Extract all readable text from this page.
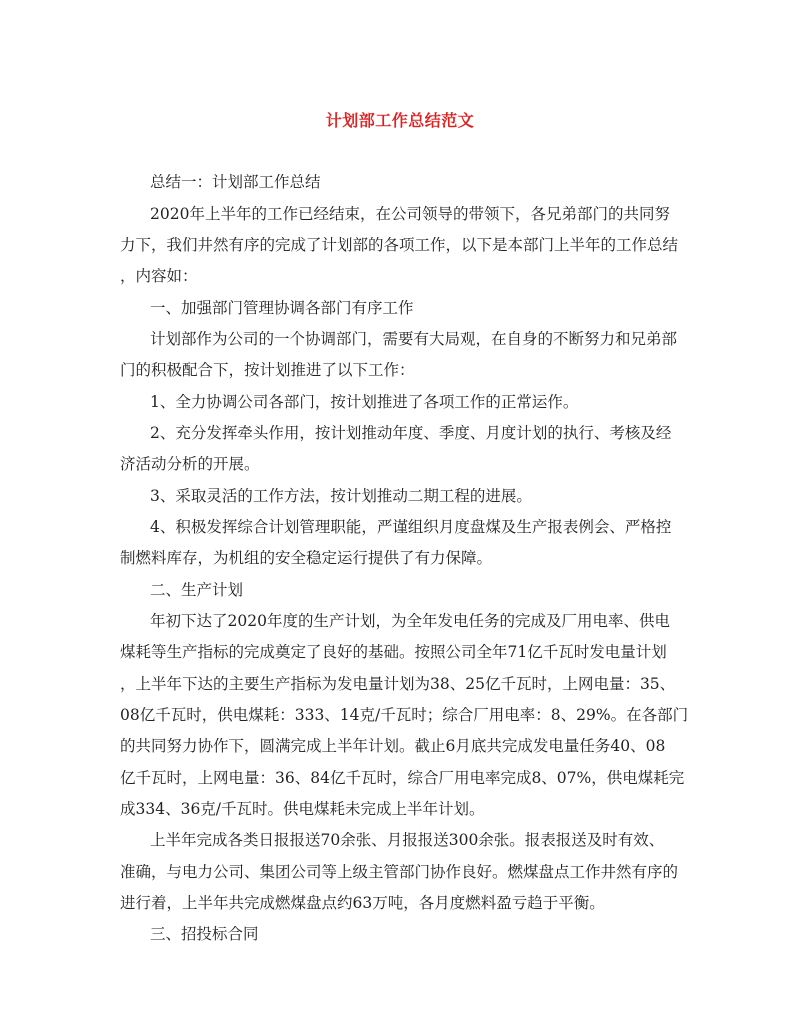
计划部工作总结范文
总结一：计划部工作总结
2020年上半年的工作已经结束，在公司领导的带领下，各兄弟部门的共同努
力下，我们井然有序的完成了计划部的各项工作，以下是本部门上半年的工作总结
，内容如：
一、加强部门管理协调各部门有序工作
计划部作为公司的一个协调部门，需要有大局观，在自身的不断努力和兄弟部
门的积极配合下，按计划推进了以下工作：
1、全力协调公司各部门，按计划推进了各项工作的正常运作。
2、充分发挥牵头作用，按计划推动年度、季度、月度计划的执行、考核及经
济活动分析的开展。
3、采取灵活的工作方法，按计划推动二期工程的进展。
4、积极发挥综合计划管理职能，严谨组织月度盘煤及生产报表例会、严格控
制燃料库存，为机组的安全稳定运行提供了有力保障。
二、生产计划
年初下达了2020年度的生产计划，为全年发电任务的完成及厂用电率、供电
煤耗等生产指标的完成奠定了良好的基础。按照公司全年71亿千瓦时发电量计划
，上半年下达的主要生产指标为发电量计划为38、25亿千瓦时，上网电量：35、
08亿千瓦时，供电煤耗：333、14克/千瓦时；综合厂用电率：8、29%。在各部门
的共同努力协作下，圆满完成上半年计划。截止6月底共完成发电量任务40、08
亿千瓦时，上网电量：36、84亿千瓦时，综合厂用电率完成8、07%，供电煤耗完
成334、36克/千瓦时。供电煤耗未完成上半年计划。
上半年完成各类日报报送70余张、月报报送300余张。报表报送及时有效、
准确，与电力公司、集团公司等上级主管部门协作良好。燃煤盘点工作井然有序的
进行着，上半年共完成燃煤盘点约63万吨，各月度燃料盈亏趋于平衡。
三、招投标合同
